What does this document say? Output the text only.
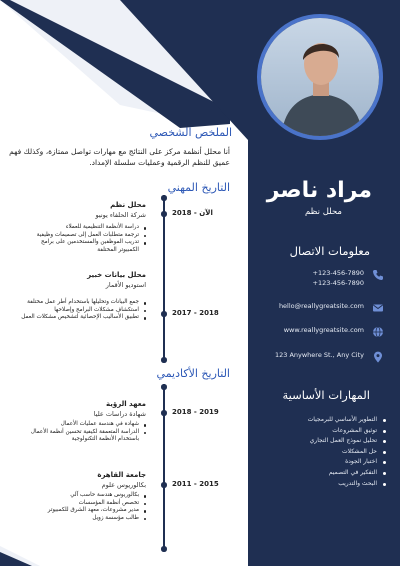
مراد ناصر
محلل نظم
معلومات الاتصال
+123-456-7890
+123-456-7890
hello@reallygreatsite.com
www.reallygreatsite.com
123 Anywhere St., Any City
المهارات الأساسية
التطوير الأساسي للبرمجيات
توثيق المشروعات
تحليل نموذج العمل التجاري
حل المشكلات
اختبار الجودة
التفكير في التصميم
البحث والتدريب
الملخص الشخصي
أنا محلل أنظمة مركز على النتائج مع مهارات تواصل ممتازة، وكذلك فهم عميق للنظم الرقمية وعمليات سلسلة الإمداد.
التاريخ المهني
الآن - 2018
محلل نظم
شركة الحلفاء يونيو
دراسة الأنظمة التنظيمية للعملاء
ترجمة متطلبات العمل إلى تصميمات وظيفية
تدريب الموظفين والمستخدمين على برامج الكمبيوتر المختلفة
2017 - 2018
محلل بيانات خبير
استوديو الأقمار
جمع البيانات وتحليلها باستخدام أطر عمل مختلفة
استكشاف مشكلات البرامج وإصلاحها
تطبيق الأساليب الإحصائية لتشخيص مشكلات العمل
التاريخ الأكاديمي
2018 - 2019
معهد الرؤية
شهادة دراسات عليا
شهادة في هندسة عمليات الأعمال
الدراسة المتعمقة لكيفية تحسين أنظمة الأعمال باستخدام الأنظمة التكنولوجية
2011 - 2015
جامعة القاهرة
بكالوريوس علوم
بكالوريوس هندسة حاسب آلي
تخصص أنظمة المؤسسات
مدير مشروعات، معهد الشرق للكمبيوتر
طالب مؤسسة زويل
